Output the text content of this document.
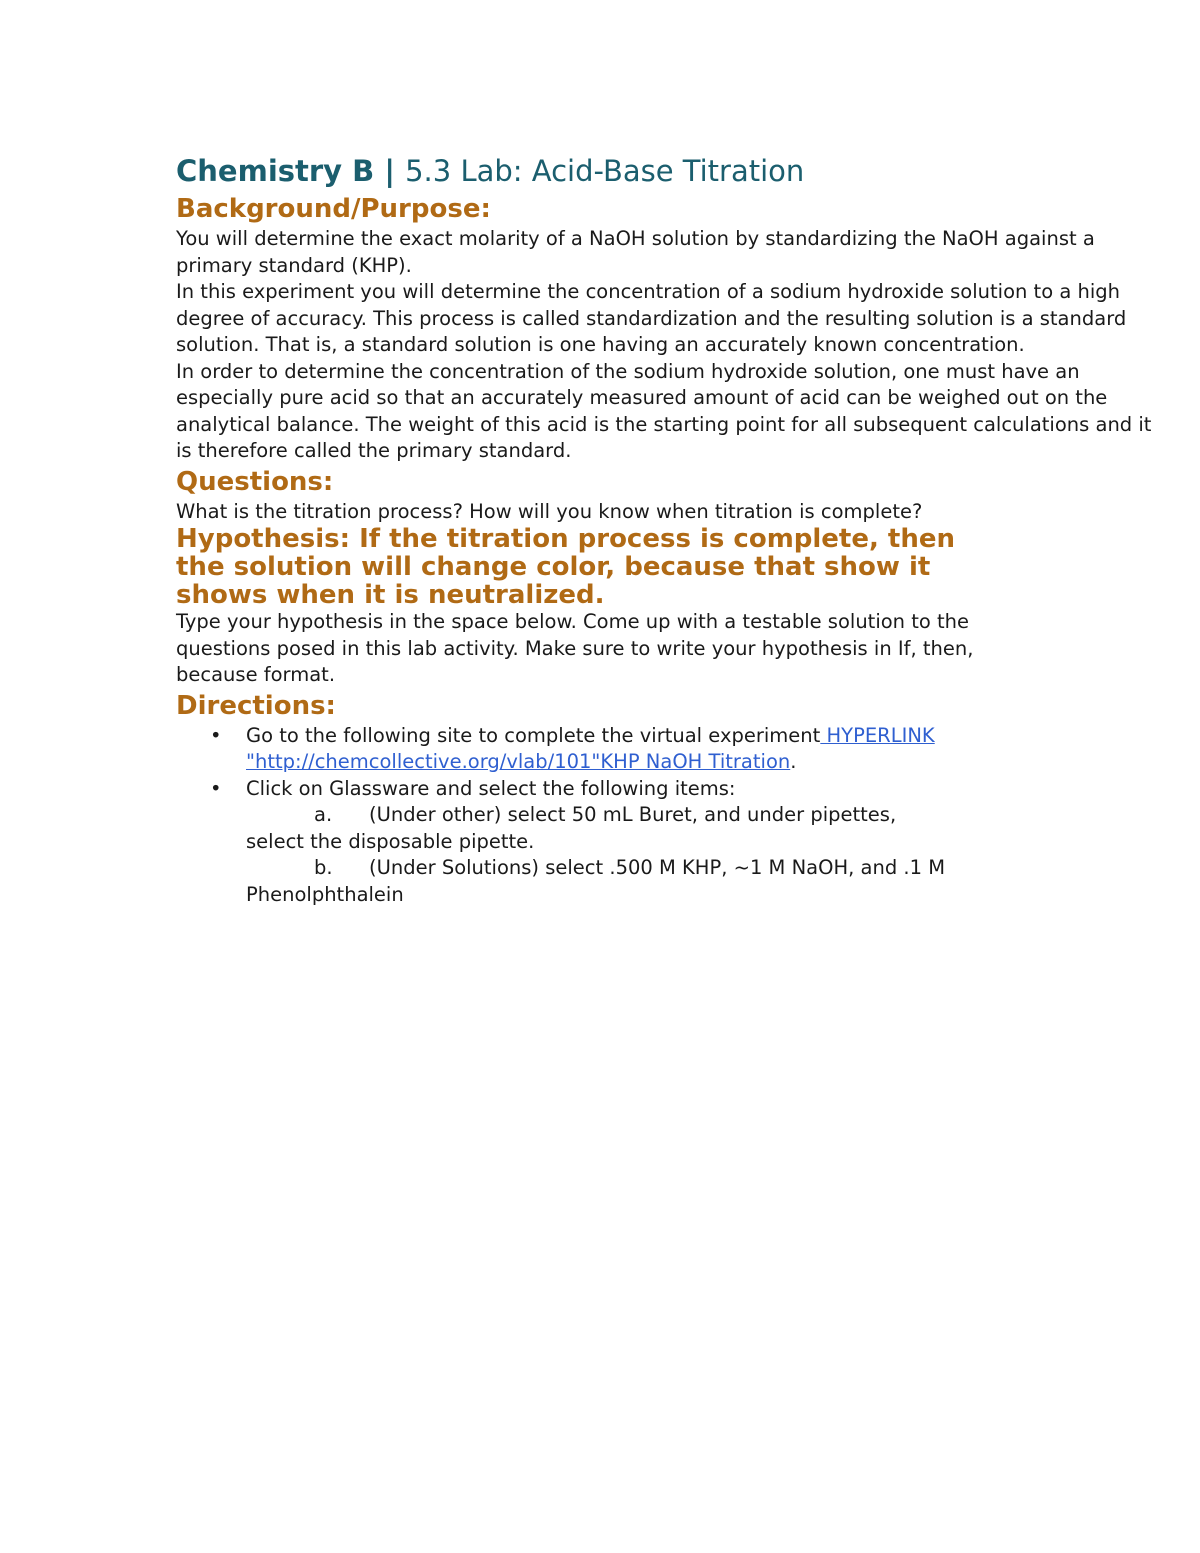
Chemistry B | 5.3 Lab: Acid-Base Titration
Background/Purpose:

You will determine the exact molarity of a NaOH solution by standardizing the NaOH against a primary standard (KHP).

In this experiment you will determine the concentration of a sodium hydroxide solution to a high degree of accuracy. This process is called standardization and the resulting solution is a standard solution. That is, a standard solution is one having an accurately known concentration.

In order to determine the concentration of the sodium hydroxide solution, one must have an especially pure acid so that an accurately measured amount of acid can be weighed out on the analytical balance. The weight of this acid is the starting point for all subsequent calculations and it is therefore called the primary standard.

Questions:

What is the titration process? How will you know when titration is complete?

Hypothesis: If the titration process is complete, then the solution will change color, because that show it shows when it is neutralized.

Type your hypothesis in the space below. Come up with a testable solution to the questions posed in this lab activity. Make sure to write your hypothesis in If, then, because format.

Directions:
• Go to the following site to complete the virtual experiment HYPERLINK "http://chemcollective.org/vlab/101"KHP NaOH Titration.
• Click on Glassware and select the following items:
a. (Under other) select 50 mL Buret, and under pipettes,
select the disposable pipette.
b. (Under Solutions) select .500 M KHP, ~1 M NaOH, and .1 M
Phenolphthalein
